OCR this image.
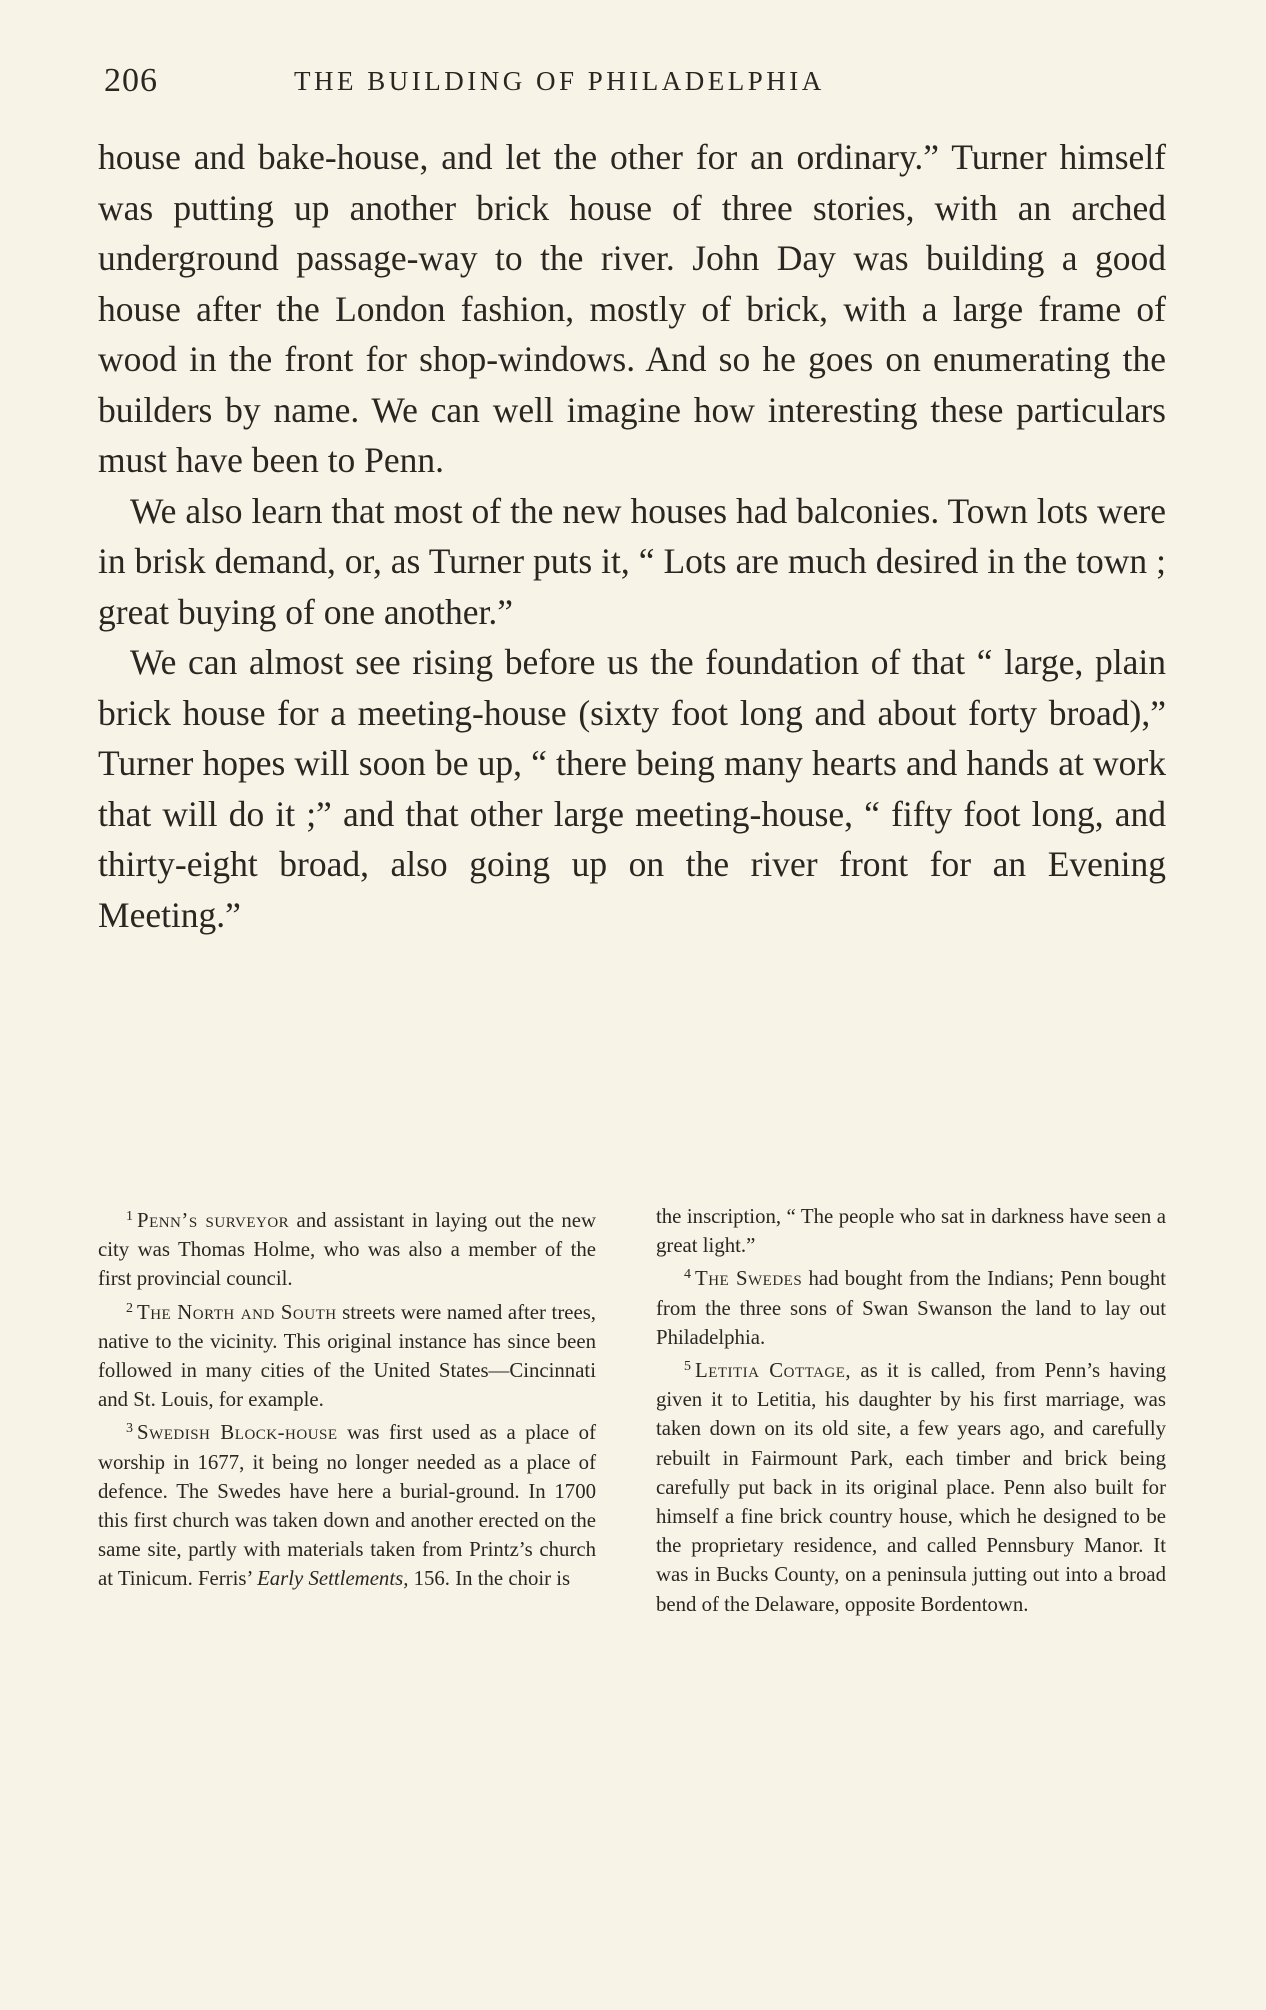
206	THE BUILDING OF PHILADELPHIA

house and bake-house, and let the other for an ordinary.” Turner himself was putting up another brick house of three stories, with an arched underground passage-way to the river. John Day was building a good house after the London fashion, mostly of brick, with a large frame of wood in the front for shop-windows. And so he goes on enumerating the builders by name. We can well imagine how interesting these particulars must have been to Penn.

We also learn that most of the new houses had balconies. Town lots were in brisk demand, or, as Turner puts it, “ Lots are much desired in the town ; great buying of one another.”

We can almost see rising before us the foundation of that “ large, plain brick house for a meeting-house (sixty foot long and about forty broad),” Turner hopes will soon be up, “ there being many hearts and hands at work that will do it ;” and that other large meeting-house, “ fifty foot long, and thirty-eight broad, also going up on the river front for an Evening Meeting.”

$^1$ Penn’s surveyor and assistant in laying out the new city was Thomas Holme, who was also a member of the first provincial council.

$^2$ The North and South streets were named after trees, native to the vicinity. This original instance has since been followed in many cities of the United States—Cincinnati and St. Louis, for example.

$^3$ Swedish Block-house was first used as a place of worship in 1677, it being no longer needed as a place of defence. The Swedes have here a burial-ground. In 1700 this first church was taken down and another erected on the same site, partly with materials taken from Printz’s church at Tinicum. Ferris’ Early Settlements, 156. In the choir is

the inscription, “ The people who sat in darkness have seen a great light.”

$^4$ The Swedes had bought from the Indians; Penn bought from the three sons of Swan Swanson the land to lay out Philadelphia.

$^5$ Letitia Cottage, as it is called, from Penn’s having given it to Letitia, his daughter by his first marriage, was taken down on its old site, a few years ago, and carefully rebuilt in Fairmount Park, each timber and brick being carefully put back in its original place. Penn also built for himself a fine brick country house, which he designed to be the proprietary residence, and called Pennsbury Manor. It was in Bucks County, on a peninsula jutting out into a broad bend of the Delaware, opposite Bordentown.
